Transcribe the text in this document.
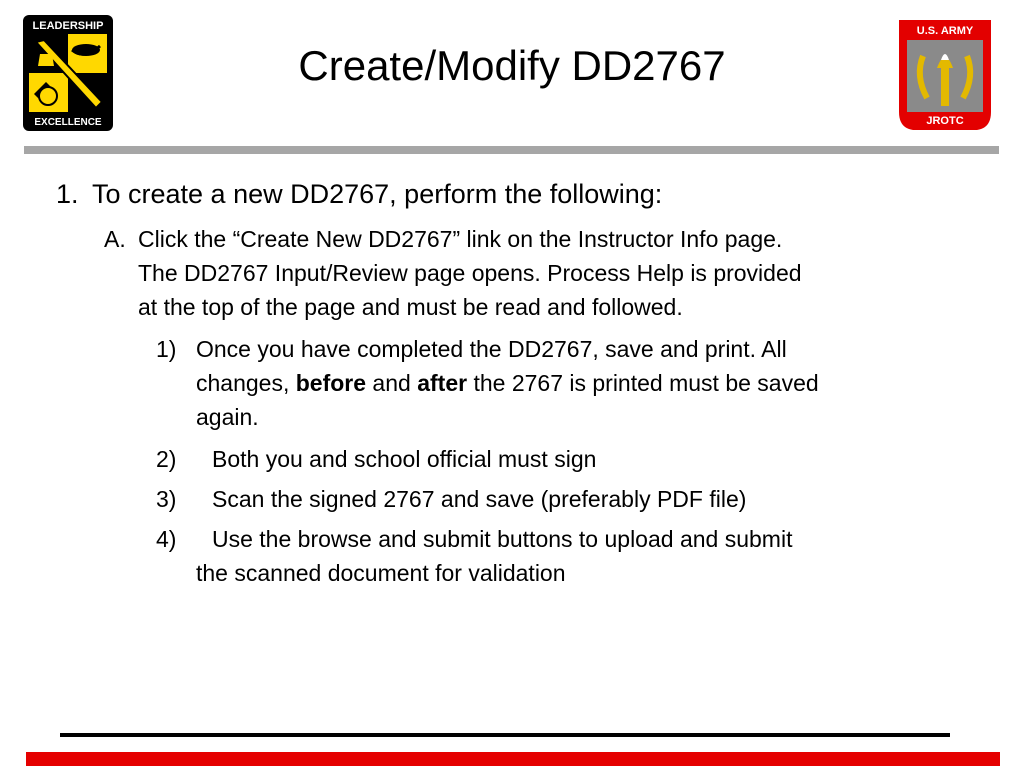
Create/Modify DD2767
LEADERSHIP
EXCELLENCE
U.S. ARMY
JROTC
1. To create a new DD2767, perform the following:
A. Click the “Create New DD2767” link on the Instructor Info page.
The DD2767 Input/Review page opens. Process Help is provided
at the top of the page and must be read and followed.
1) Once you have completed the DD2767, save and print. All
changes, before and after the 2767 is printed must be saved
again.
2) Both you and school official must sign
3) Scan the signed 2767 and save (preferably PDF file)
4) Use the browse and submit buttons to upload and submit
the scanned document for validation
